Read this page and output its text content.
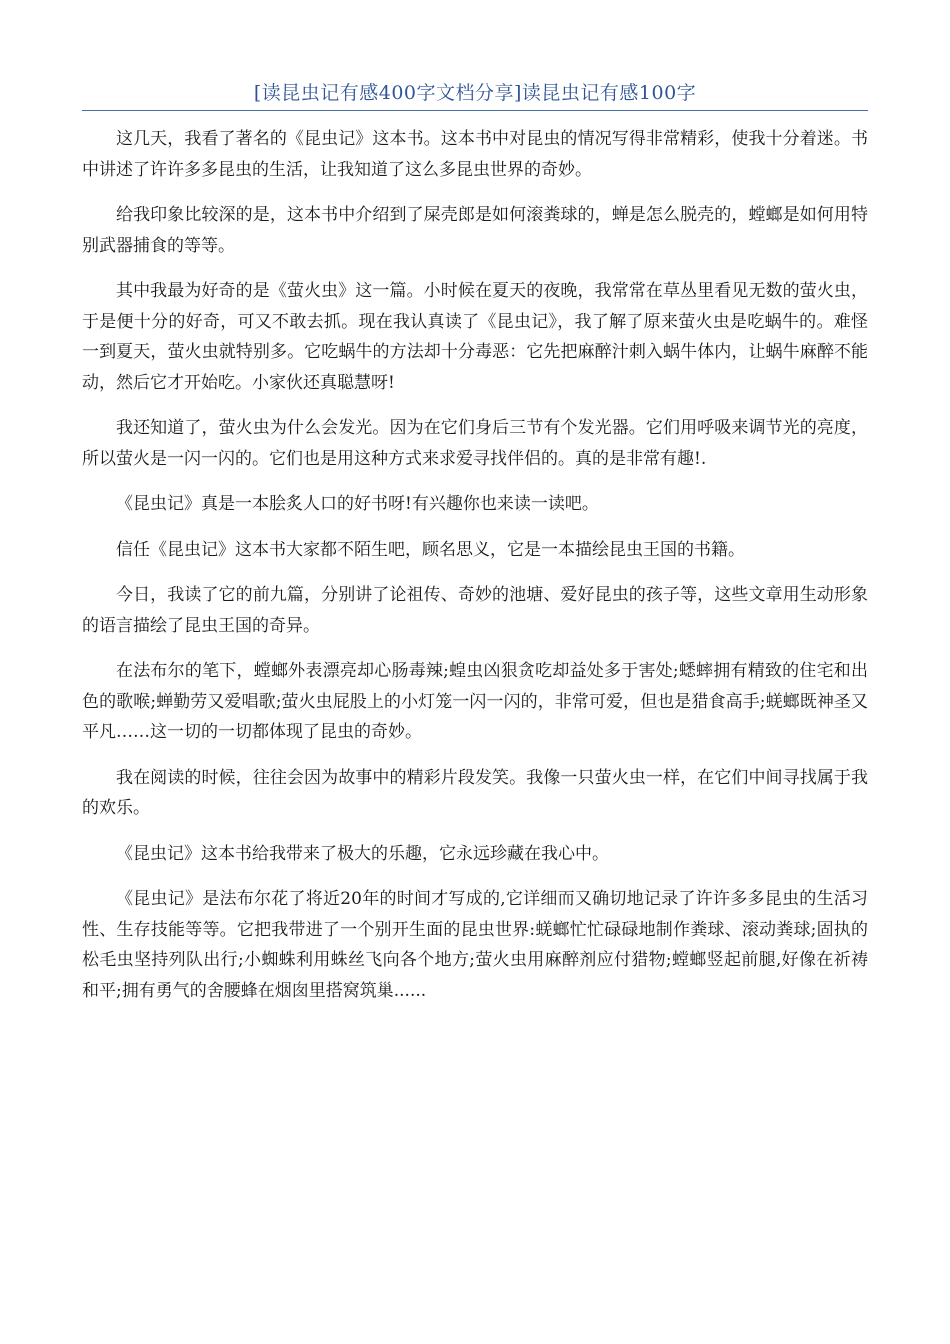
[读昆虫记有感400字文档分享]读昆虫记有感100字

这几天，我看了著名的《昆虫记》这本书。这本书中对昆虫的情况写得非常精彩，使我十分着迷。书中讲述了许许多多昆虫的生活，让我知道了这么多昆虫世界的奇妙。

给我印象比较深的是，这本书中介绍到了屎壳郎是如何滚粪球的，蝉是怎么脱壳的，螳螂是如何用特别武器捕食的等等。

其中我最为好奇的是《萤火虫》这一篇。小时候在夏天的夜晚，我常常在草丛里看见无数的萤火虫，于是便十分的好奇，可又不敢去抓。现在我认真读了《昆虫记》，我了解了原来萤火虫是吃蜗牛的。难怪一到夏天，萤火虫就特别多。它吃蜗牛的方法却十分毒恶：它先把麻醉汁刺入蜗牛体内，让蜗牛麻醉不能动，然后它才开始吃。小家伙还真聪慧呀!

我还知道了，萤火虫为什么会发光。因为在它们身后三节有个发光器。它们用呼吸来调节光的亮度，所以萤火是一闪一闪的。它们也是用这种方式来求爱寻找伴侣的。真的是非常有趣!.

《昆虫记》真是一本脍炙人口的好书呀!有兴趣你也来读一读吧。

信任《昆虫记》这本书大家都不陌生吧，顾名思义，它是一本描绘昆虫王国的书籍。

今日，我读了它的前九篇，分别讲了论祖传、奇妙的池塘、爱好昆虫的孩子等，这些文章用生动形象的语言描绘了昆虫王国的奇异。

在法布尔的笔下，螳螂外表漂亮却心肠毒辣;蝗虫凶狠贪吃却益处多于害处;蟋蟀拥有精致的住宅和出色的歌喉;蝉勤劳又爱唱歌;萤火虫屁股上的小灯笼一闪一闪的，非常可爱，但也是猎食高手;蜣螂既神圣又平凡……这一切的一切都体现了昆虫的奇妙。

我在阅读的时候，往往会因为故事中的精彩片段发笑。我像一只萤火虫一样，在它们中间寻找属于我的欢乐。

《昆虫记》这本书给我带来了极大的乐趣，它永远珍藏在我心中。

《昆虫记》是法布尔花了将近20年的时间才写成的,它详细而又确切地记录了许许多多昆虫的生活习性、生存技能等等。它把我带进了一个别开生面的昆虫世界:蜣螂忙忙碌碌地制作粪球、滚动粪球;固执的松毛虫坚持列队出行;小蜘蛛利用蛛丝飞向各个地方;萤火虫用麻醉剂应付猎物;螳螂竖起前腿,好像在祈祷和平;拥有勇气的舍腰蜂在烟囱里搭窝筑巢......
